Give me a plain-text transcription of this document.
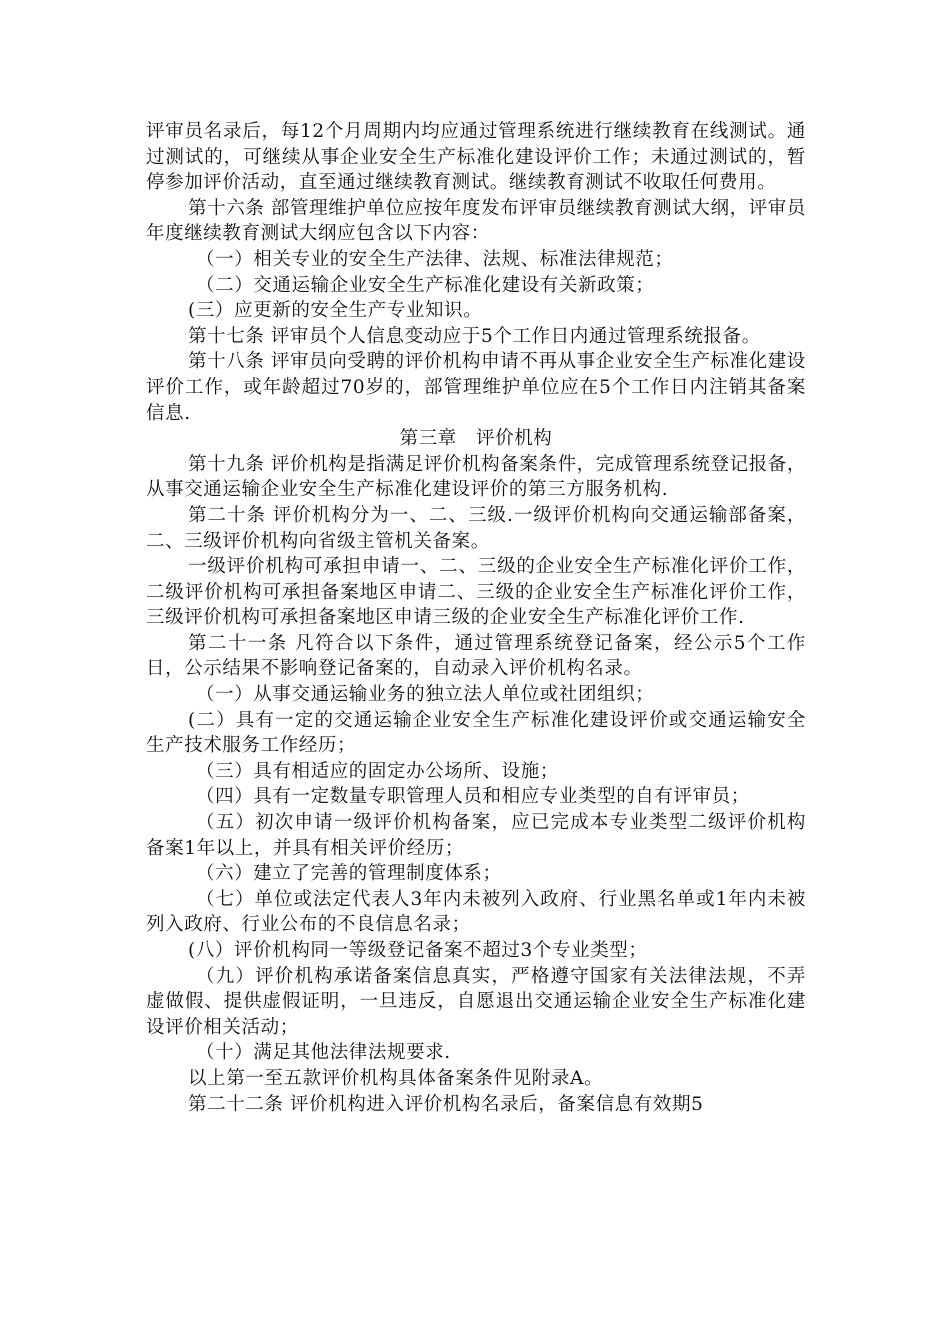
评审员名录后，每12个月周期内均应通过管理系统进行继续教育在线测试。通过测试的，可继续从事企业安全生产标准化建设评价工作；未通过测试的，暂停参加评价活动，直至通过继续教育测试。继续教育测试不收取任何费用。

第十六条 部管理维护单位应按年度发布评审员继续教育测试大纲，评审员年度继续教育测试大纲应包含以下内容：

（一）相关专业的安全生产法律、法规、标准法律规范；

（二）交通运输企业安全生产标准化建设有关新政策；

(三）应更新的安全生产专业知识。

第十七条 评审员个人信息变动应于5个工作日内通过管理系统报备。

第十八条 评审员向受聘的评价机构申请不再从事企业安全生产标准化建设评价工作，或年龄超过70岁的，部管理维护单位应在5个工作日内注销其备案信息.

第三章　评价机构

第十九条 评价机构是指满足评价机构备案条件，完成管理系统登记报备，从事交通运输企业安全生产标准化建设评价的第三方服务机构.

第二十条 评价机构分为一、二、三级.一级评价机构向交通运输部备案，二、三级评价机构向省级主管机关备案。

一级评价机构可承担申请一、二、三级的企业安全生产标准化评价工作，二级评价机构可承担备案地区申请二、三级的企业安全生产标准化评价工作，三级评价机构可承担备案地区申请三级的企业安全生产标准化评价工作.

第二十一条 凡符合以下条件，通过管理系统登记备案，经公示5个工作日，公示结果不影响登记备案的，自动录入评价机构名录。

（一）从事交通运输业务的独立法人单位或社团组织；

(二）具有一定的交通运输企业安全生产标准化建设评价或交通运输安全生产技术服务工作经历；

（三）具有相适应的固定办公场所、设施；

（四）具有一定数量专职管理人员和相应专业类型的自有评审员；

（五）初次申请一级评价机构备案，应已完成本专业类型二级评价机构备案1年以上，并具有相关评价经历；

（六）建立了完善的管理制度体系；

（七）单位或法定代表人3年内未被列入政府、行业黑名单或1年内未被列入政府、行业公布的不良信息名录；

(八）评价机构同一等级登记备案不超过3个专业类型；

（九）评价机构承诺备案信息真实，严格遵守国家有关法律法规，不弄虚做假、提供虚假证明，一旦违反，自愿退出交通运输企业安全生产标准化建设评价相关活动；

（十）满足其他法律法规要求.

以上第一至五款评价机构具体备案条件见附录A。

第二十二条 评价机构进入评价机构名录后，备案信息有效期5
